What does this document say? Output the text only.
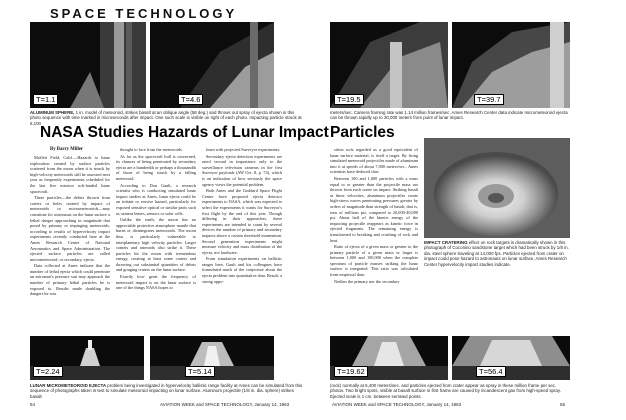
SPACE TECHNOLOGY
T=1.1	T=4.6	T=19.5	T=39.7
ALUMINUM SPHERE, 1 in. model of meteoroid, strikes basalt at an oblique angle (58 deg.) and throws out spray of ejecta shown in this photo sequence with time marked in microseconds after impact. One such scale is visible on right of each photo. Impacting particle struck at 6,100
meters/sec. Camera framing rate was 1.14 million frames/sec. Ames Research Center data indicate micrometeoroid ejecta can be thrown rapidly up to 30,000 meters from point of lunar impact.
NASA Studies Hazards of Lunar Impact Particles
By Barry Miller

Moffett Field, Calif.—Hazards to lunar exploration created by surface particles scattered from the moon when it is struck by high-velocity meteoroids still be assessed next year as frequently experiments scheduled for the last five mission soft-landed lunar spacecraft.

These particles—the debris thrown from craters or holes created by impact of meteoroids or micrometeoroids—may constitute for astronauts on the lunar surface a lethal danger approaching in magnitude that posed by primary or impinging meteoroids, according to results of hypervelocity impact experiments recently conducted here at the Ames Research Center of National Aeronautics and Space Administration. The ejected surface particles are called micrometeoroid, or secondary, ejecta.

Data collected at Ames indicate that the number of lethal ejecta which could penetrate an astronaut's pressure suit may approach the number of primary lethal particles he is exposed to. Results made doubling the dangers he was

thought to face from the meteoroids.

As far as the spacecraft hull is concerned, its chances of being penetrated by secondary ejecta are a hundredth or perhaps a thousandth of those of being struck by a falling meteoroid.

According to Don Gault, a research scientist who is conducting simulated lunar impact studies at Ames, lunar ejecta could be an irritant or erosive hazard, particularly for exposed sensitive optical or similar parts such as camera lenses, sensors or solar cells.

Unlike the earth, the moon has no appreciable protective atmosphere mantle that burns or disintegrates meteoroids. The moon thus is particularly vulnerable to interplanetary high velocity particles. Larger comets and asteroids also strike it. These particles hit the moon with tremendous energy, creating at least some craters and throwing out substantial quantities of debris and gouging craters on the lunar surface.

Exactly how great the frequency of meteoroid impact is on the lunar surface is one of the things NASA hopes to

learn with projected Surveyor experiments.

Secondary ejecta detection experiments are rated second in importance only to the surveillance television cameras in the first Surveyor payloads (AW Oct. 8, p. 74), which is an indication of how seriously the space agency views the potential problem.

Both Ames and the Goddard Space Flight Center have proposed ejecta detector experiments to NASA, which was expected to select the experiments it wants for Surveyor's first flight by the end of this year. Though differing in their approaches, these experiments are intended to count by several devices the number of primary and secondary impacts above a certain threshold momentum. Second generation experiments might measure velocity and mass distribution of the ejecta, not hardware.

From simulation experiments on ballistic ranges here, Gault and his colleagues have formulated much of the conjecture about the ejecta problem into quantitative data. Result, a strong oppo-

sition rock regarded as a good equivalent of lunar surface material, is itself a target. By firing simulated meteoroid projectiles made of aluminum into it at speeds of about 7,000 meters/sec., Ames scientists have deduced that:

Between 100 and 1,000 particles with a mass equal to or greater than the projectile mass are thrown from each crater on impact. Striking basalt at these velocities, aluminum projectiles create high-stress waves penetrating pressures greater by orders of magnitude than strength of basalt, that is, tons of millions psi, compared to 20,000-40,000 psi. About half of the kinetic energy of the impacting projectile reappears as kinetic force in ejected fragments. The remaining energy is transformed to breaking and crushing of rock and heat.

Ratio of ejecta of a given mass or greater to the primary particle of a given mass or larger is between 1,000 and 100,000 when the complete spectrum of particle masses striking the lunar surface is integrated. This ratio was calculated from empirical data.

Neither the primary nor the secondary

IMPACT CRATERING effect on rock targets is dramatically shown in this photograph of Coconino sandstone target which had been struck by 1/8 in. dia. steel sphere traveling at 14,000 fps. Particles ejected from crater on impact could pose hazard to astronauts on lunar surface, Ames Research Center hypervelocity impact studies indicate.
T=2.24	T=5.14	T=19.62	T=56.4
LUNAR MICROMETEOROID EJECTA problem being investigated in hypervelocity ballistic range facility at Ames can be simulated from this sequence of photographs taken in test to simulate meteoroid impacting on lunar surface. Aluminum projectile (1/8 in. dia. sphere) strikes basalt
(rock) normally at 6,400 meters/sec. and particles ejected from crater appear as spray in these million frame per sec. photos. Two bright spots, visible at basalt surface in first frame are caused by incandescent gas from high-speed spray. Ejected scale is 1 cm. between serrated points.
54	AVIATION WEEK and SPACE TECHNOLOGY, January 14, 1963	AVIATION WEEK and SPACE TECHNOLOGY, January 14, 1963	55
